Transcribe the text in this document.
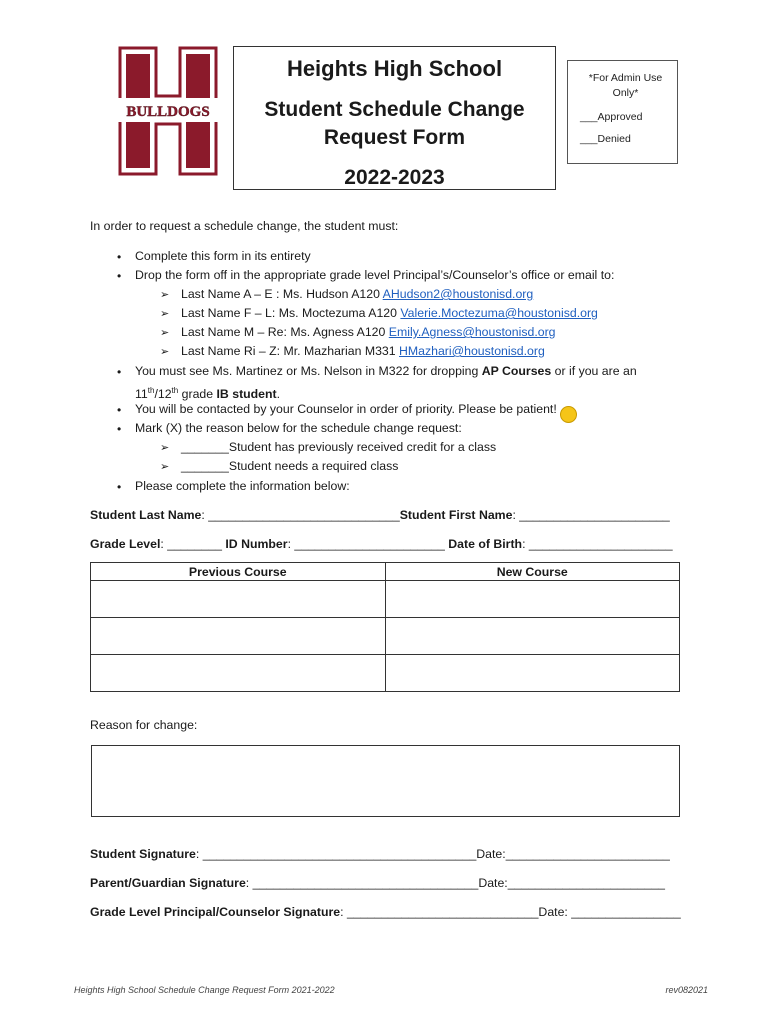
BULLDOGS
Heights High School
Student Schedule Change Request Form
2022-2023
*For Admin Use Only*
___Approved
___Denied
In order to request a schedule change, the student must:
• Complete this form in its entirety
• Drop the form off in the appropriate grade level Principal’s/Counselor’s office or email to:
➢ Last Name A – E : Ms. Hudson A120 AHudson2@houstonisd.org
➢ Last Name F – L: Ms. Moctezuma A120 Valerie.Moctezuma@houstonisd.org
➢ Last Name M – Re: Ms. Agness A120 Emily.Agness@houstonisd.org
➢ Last Name Ri – Z: Mr. Mazharian M331 HMazhari@houstonisd.org
• You must see Ms. Martinez or Ms. Nelson in M322 for dropping AP Courses or if you are an
11th/12th grade IB student.
• You will be contacted by your Counselor in order of priority. Please be patient!
• Mark (X) the reason below for the schedule change request:
➢ _______Student has previously received credit for a class
➢ _______Student needs a required class
• Please complete the information below:
Student Last Name: ____________________________Student First Name: ______________________
Grade Level: ________ ID Number: ______________________ Date of Birth: _____________________
Previous Course	New Course

Reason for change:
Student Signature: ________________________________________Date:________________________
Parent/Guardian Signature: _________________________________Date:_______________________
Grade Level Principal/Counselor Signature: ____________________________Date: ________________
Heights High School Schedule Change Request Form 2021-2022	rev082021
